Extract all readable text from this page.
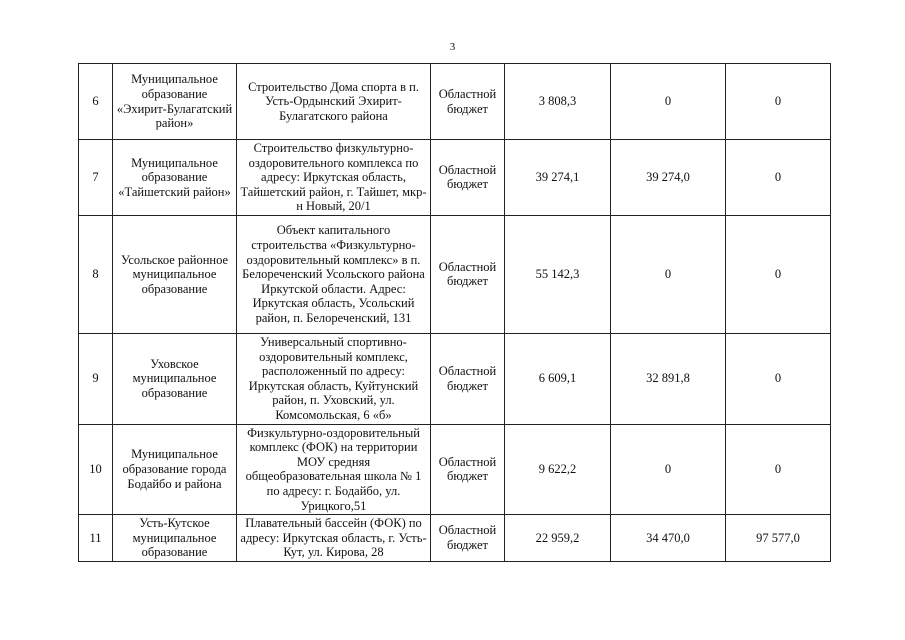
3
6	Муниципальное образование «Эхирит-Булагатский район»	Строительство Дома спорта в п. Усть-Ордынский Эхирит-Булагатского района	Областной бюджет	3 808,3	0	0
7	Муниципальное образование «Тайшетский район»	Строительство физкультурно-оздоровительного комплекса по адресу: Иркутская область, Тайшетский район, г. Тайшет, мкр-н Новый, 20/1	Областной бюджет	39 274,1	39 274,0	0
8	Усольское районное муниципальное образование	Объект капитального строительства «Физкультурно-оздоровительный комплекс» в п. Белореченский Усольского района Иркутской области. Адрес: Иркутская область, Усольский район, п. Белореченский, 131	Областной бюджет	55 142,3	0	0
9	Уховское муниципальное образование	Универсальный спортивно-оздоровительный комплекс, расположенный по адресу: Иркутская область, Куйтунский район, п. Уховский, ул. Комсомольская, 6 «б»	Областной бюджет	6 609,1	32 891,8	0
10	Муниципальное образование города Бодайбо и района	Физкультурно-оздоровительный комплекс (ФОК) на территории МОУ средняя общеобразовательная школа № 1 по адресу: г. Бодайбо, ул. Урицкого,51	Областной бюджет	9 622,2	0	0
11	Усть-Кутское муниципальное образование	Плавательный бассейн (ФОК) по адресу: Иркутская область, г. Усть-Кут, ул. Кирова, 28	Областной бюджет	22 959,2	34 470,0	97 577,0
